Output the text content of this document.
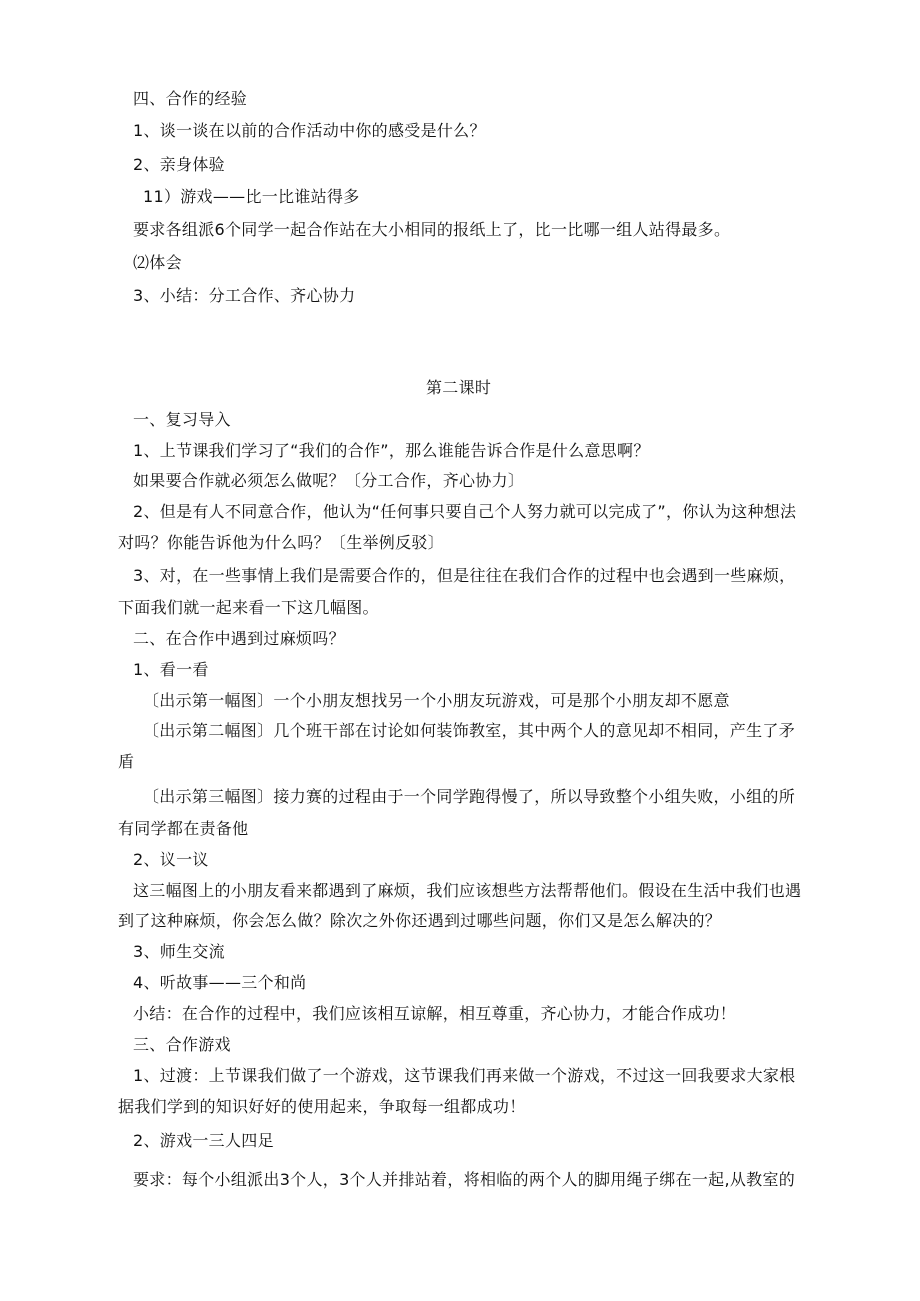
四、合作的经验
1、谈一谈在以前的合作活动中你的感受是什么？
2、亲身体验
11）游戏——比一比谁站得多
要求各组派6个同学一起合作站在大小相同的报纸上了，比一比哪一组人站得最多。
⑵体会
3、小结：分工合作、齐心协力
第二课时
一、复习导入
1、上节课我们学习了“我们的合作”，那么谁能告诉合作是什么意思啊？
如果要合作就必须怎么做呢？〔分工合作，齐心协力〕
2、但是有人不同意合作，他认为“任何事只要自己个人努力就可以完成了”，你认为这种想法
对吗？你能告诉他为什么吗？〔生举例反驳〕
3、对，在一些事情上我们是需要合作的，但是往往在我们合作的过程中也会遇到一些麻烦，
下面我们就一起来看一下这几幅图。
二、在合作中遇到过麻烦吗？
1、看一看
〔出示第一幅图〕一个小朋友想找另一个小朋友玩游戏，可是那个小朋友却不愿意
〔出示第二幅图〕几个班干部在讨论如何装饰教室，其中两个人的意见却不相同，产生了矛
盾
〔出示第三幅图〕接力赛的过程由于一个同学跑得慢了，所以导致整个小组失败，小组的所
有同学都在责备他
2、议一议
这三幅图上的小朋友看来都遇到了麻烦，我们应该想些方法帮帮他们。假设在生活中我们也遇
到了这种麻烦，你会怎么做？除次之外你还遇到过哪些问题，你们又是怎么解决的？
3、师生交流
4、听故事——三个和尚
小结：在合作的过程中，我们应该相互谅解，相互尊重，齐心协力，才能合作成功！
三、合作游戏
1、过渡：上节课我们做了一个游戏，这节课我们再来做一个游戏，不过这一回我要求大家根
据我们学到的知识好好的使用起来，争取每一组都成功！
2、游戏一三人四足
要求：每个小组派出3个人，3个人并排站着，将相临的两个人的脚用绳子绑在一起,从教室的
